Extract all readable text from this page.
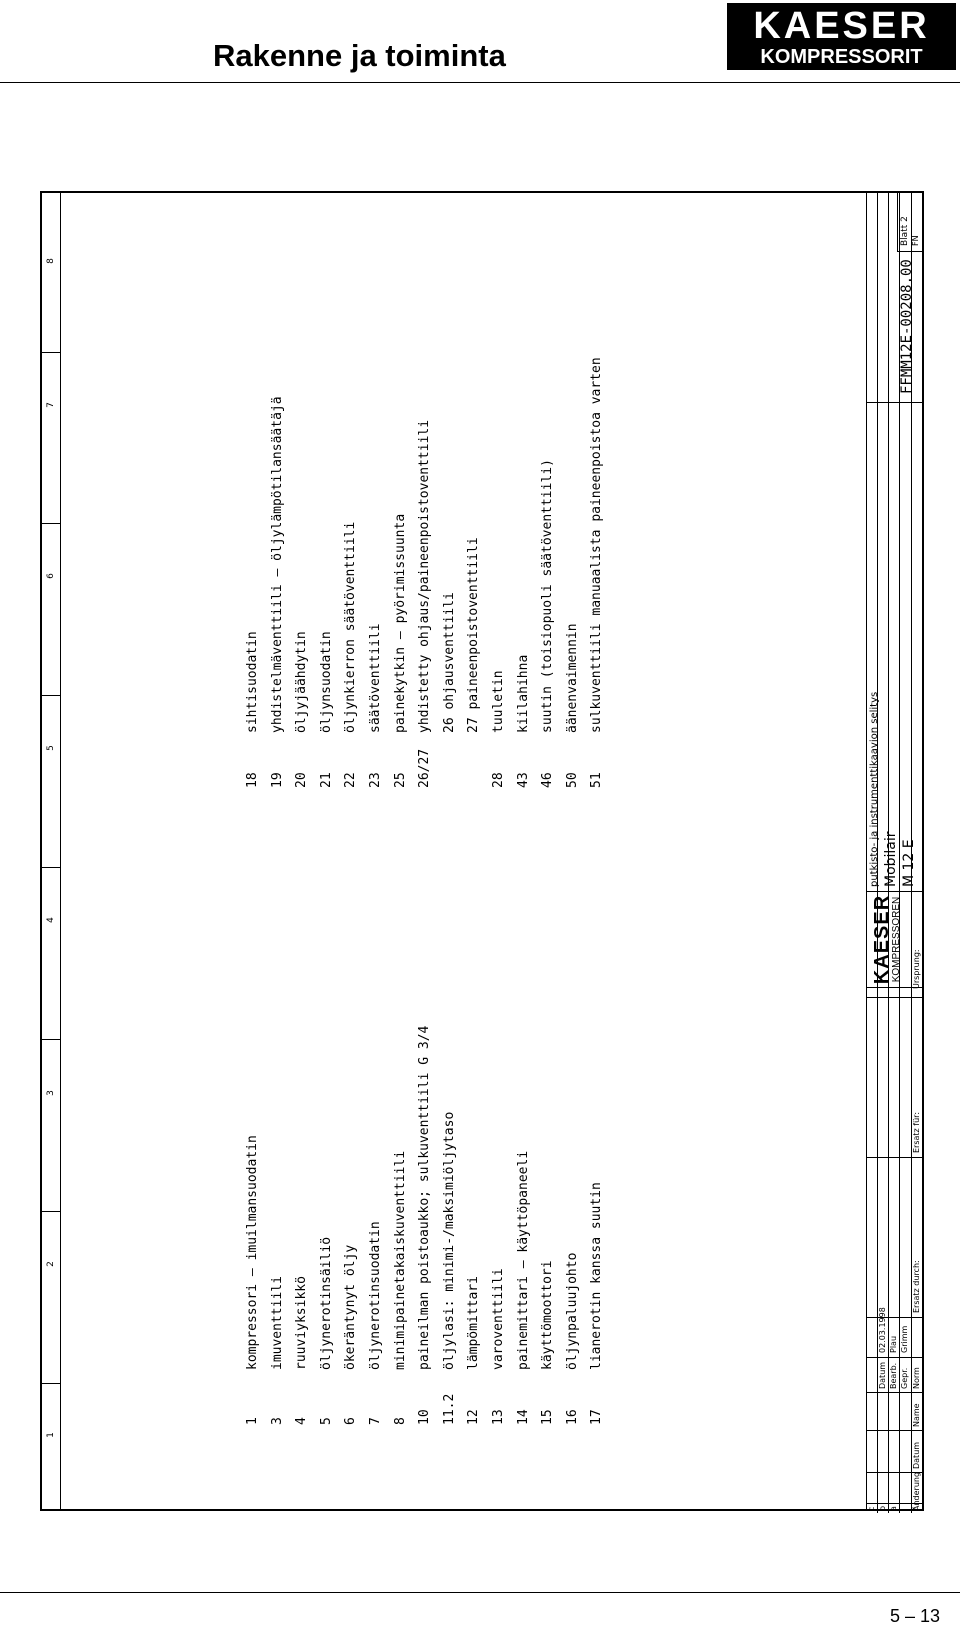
Rakenne ja toiminta
KAESER
KOMPRESSORIT
1
2
3
4
5
6
7
8
1kompressori – imuilmansuodatin
3imuventtiili
4ruuviyksikkö
5öljynerotinsäiliö
6ökeräntynyt öljy
7öljynerotinsuodatin
8minimipainetakaiskuventtiili
10paineilman poistoaukko; sulkuventtiili G 3/4
11.2öljylasi: minimi-/maksimiöljytaso
12lämpömittari
13varoventtiili
14painemittari – käyttöpaneeli
15käyttömoottori
16öljynpaluujohto
17lianerotin kanssa suutin
18sihtisuodatin
19yhdistelmäventtiili – öljylämpötilansäätäjä
20öljyjäähdytin
21öljynsuodatin
22öljynkierron säätöventtiili
23säätöventtiili
25painekytkin – pyörimissuunta
26/27yhdistetty ohjaus/paineenpoistoventtiili 26 ohjausventtiili 27 paineenpoistoventtiili
28tuuletin
43kiilahihna
46suutin (toisiopuoli säätöventtiili)
50äänenvaimennin
51sulkuventtiili manuaalista paineenpoistoa varten
c b a Änderung
Datum
Name
Datum
02.03.1998
Bearb.
Plau
Gepr.
Grimm
Norm
Ersatz durch:
Ersatz für:
Ursprung:
KAESER
KOMPRESSOREN
putkisto- ja instrumenttikaavion selitys Mobilair M 12 E
FFMM12E-00208.00
Blatt 2 FN
5 – 13
